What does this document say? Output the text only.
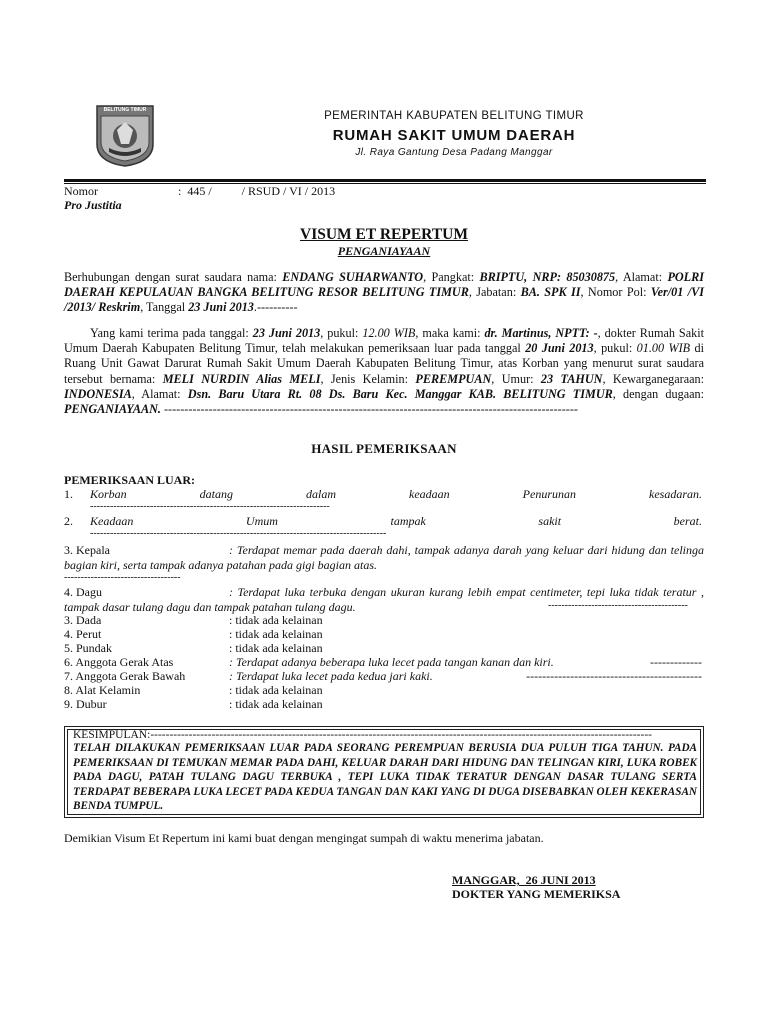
BELITUNG TIMUR	PEMERINTAH KABUPATEN BELITUNG TIMUR
RUMAH SAKIT UMUM DAERAH
Jl. Raya Gantung Desa Padang Manggar
Nomor	:  445 /          / RSUD / VI / 2013
Pro Justitia
VISUM ET REPERTUM
PENGANIAYAAN
Berhubungan dengan surat saudara nama: ENDANG SUHARWANTO, Pangkat: BRIPTU, NRP: 85030875, Alamat: POLRI DAERAH KEPULAUAN BANGKA BELITUNG RESOR BELITUNG TIMUR, Jabatan: BA. SPK II, Nomor Pol: Ver/01 /VI /2013/ Reskrim, Tanggal 23 Juni 2013.----------
Yang kami terima pada tanggal: 23 Juni 2013, pukul: 12.00 WIB, maka kami: dr. Martinus, NPTT: -, dokter Rumah Sakit Umum Daerah Kabupaten Belitung Timur, telah melakukan pemeriksaan luar pada tanggal 20 Juni 2013, pukul: 01.00 WIB di Ruang Unit Gawat Darurat Rumah Sakit Umum Daerah Kabupaten Belitung Timur, atas Korban yang menurut surat saudara tersebut bernama: MELI NURDIN Alias MELI, Jenis Kelamin: PEREMPUAN, Umur: 23 TAHUN, Kewarganegaraan: INDONESIA, Alamat: Dsn. Baru Utara Rt. 08 Ds. Baru Kec. Manggar KAB. BELITUNG TIMUR, dengan dugaan: PENGANIAYAAN. ------------------------------------------------------------------------------------------------------
HASIL PEMERIKSAAN
PEMERIKSAAN LUAR:
1. Korban datang dalam keadaan Penurunan kesadaran.
------------------------------------------------------------------------
2. Keadaan Umum tampak sakit berat.
-----------------------------------------------------------------------------------------
3. Kepala	: Terdapat memar pada daerah dahi, tampak adanya darah yang keluar dari hidung dan telinga bagian kiri, serta tampak adanya patahan pada gigi bagian atas.
-----------------------------------
4. Dagu	: Terdapat luka terbuka dengan ukuran kurang lebih empat centimeter, tepi luka tidak teratur , tampak dasar tulang dagu dan tampak patahan tulang dagu.	------------------------------------------
3. Dada	: tidak ada kelainan
4. Perut	: tidak ada kelainan
5. Pundak	: tidak ada kelainan
6. Anggota Gerak Atas	: Terdapat adanya beberapa luka lecet pada tangan kanan dan kiri.	-------------
7. Anggota Gerak Bawah	: Terdapat luka lecet pada kedua jari kaki.	--------------------------------------------
8. Alat Kelamin	: tidak ada kelainan
9. Dubur	: tidak ada kelainan
KESIMPULAN:-----------------------------------------------------------------------------------------------------------------------------------
TELAH DILAKUKAN PEMERIKSAAN LUAR PADA SEORANG PEREMPUAN BERUSIA DUA PULUH TIGA TAHUN. PADA PEMERIKSAAN DI TEMUKAN MEMAR PADA DAHI, KELUAR DARAH DARI HIDUNG DAN TELINGAN KIRI, LUKA ROBEK PADA DAGU, PATAH TULANG DAGU TERBUKA , TEPI LUKA TIDAK TERATUR DENGAN DASAR TULANG SERTA TERDAPAT BEBERAPA LUKA LECET PADA KEDUA TANGAN DAN KAKI YANG DI DUGA DISEBABKAN OLEH KEKERASAN BENDA TUMPUL.
Demikian Visum Et Repertum ini kami buat dengan mengingat sumpah di waktu menerima jabatan.
MANGGAR,  26 JUNI 2013
DOKTER YANG MEMERIKSA
